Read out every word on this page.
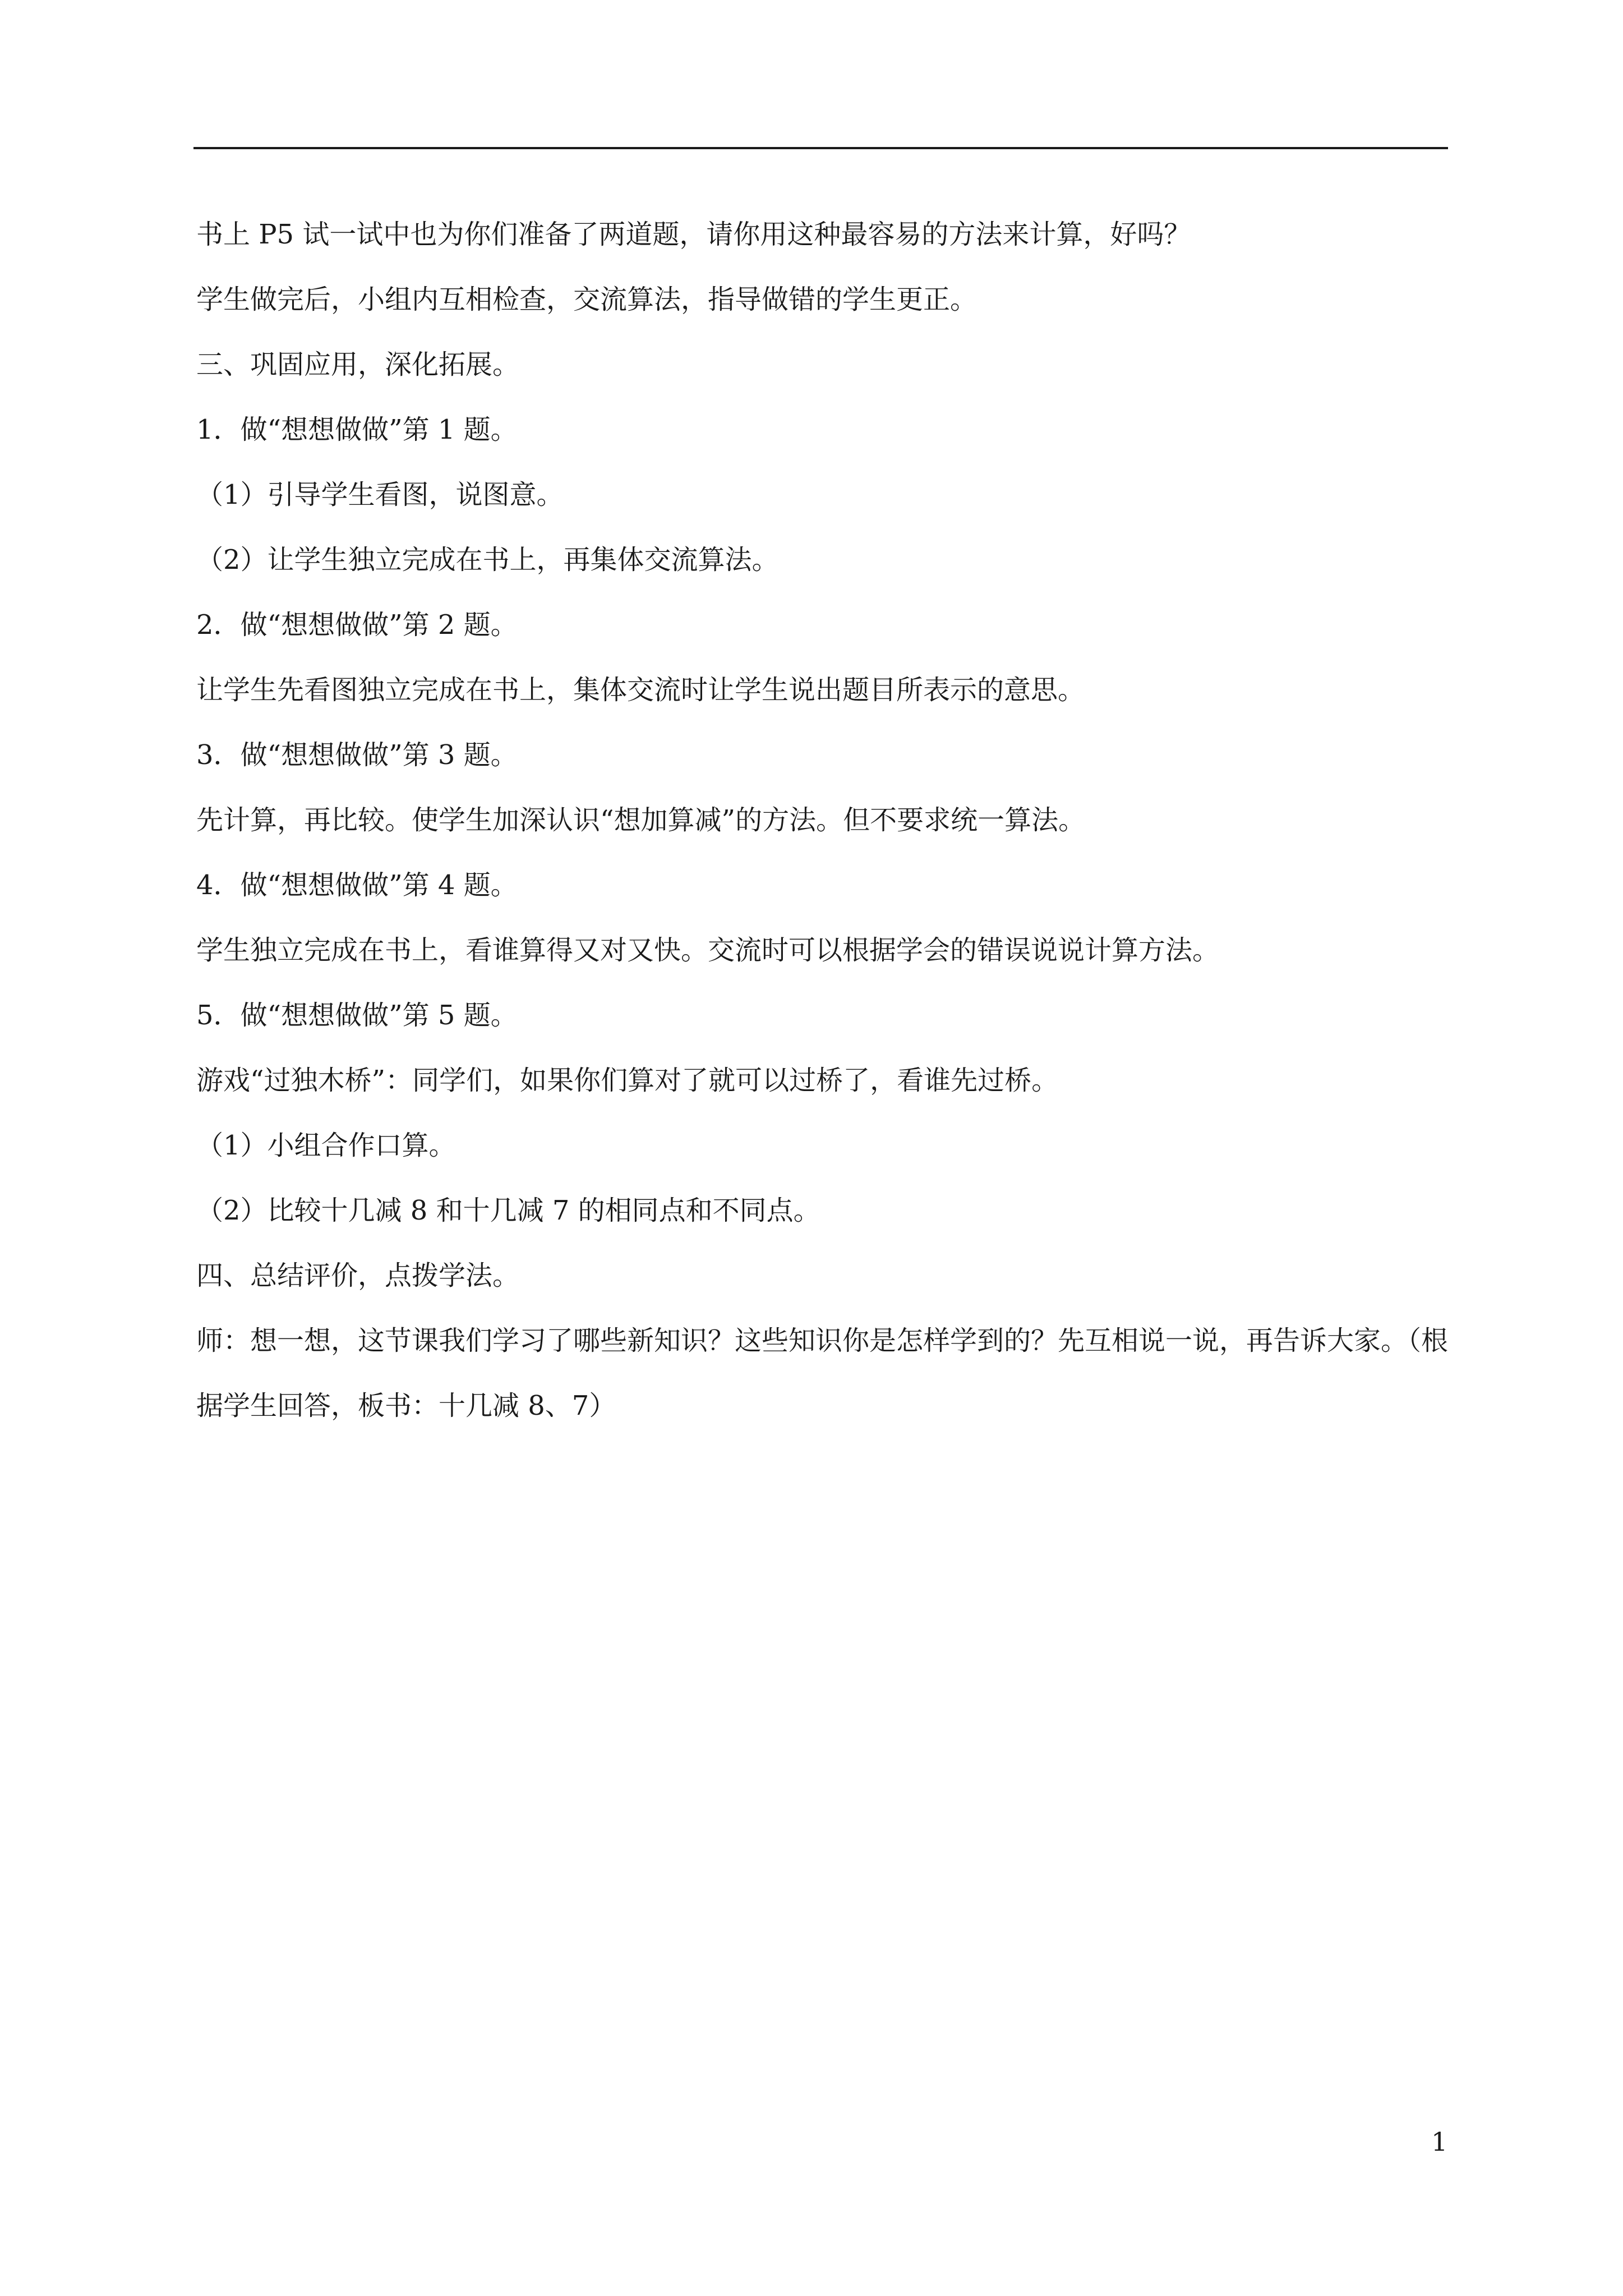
书上 P5 试一试中也为你们准备了两道题，请你用这种最容易的方法来计算，好吗？

学生做完后，小组内互相检查，交流算法，指导做错的学生更正。

三、巩固应用，深化拓展。

1．做“想想做做”第 1 题。

（1）引导学生看图，说图意。

（2）让学生独立完成在书上，再集体交流算法。

2．做“想想做做”第 2 题。

让学生先看图独立完成在书上，集体交流时让学生说出题目所表示的意思。

3．做“想想做做”第 3 题。

先计算，再比较。使学生加深认识“想加算减”的方法。但不要求统一算法。

4．做“想想做做”第 4 题。

学生独立完成在书上，看谁算得又对又快。交流时可以根据学会的错误说说计算方法。

5．做“想想做做”第 5 题。

游戏“过独木桥”：同学们，如果你们算对了就可以过桥了，看谁先过桥。

（1）小组合作口算。

（2）比较十几减 8 和十几减 7 的相同点和不同点。

四、总结评价，点拨学法。

师：想一想，这节课我们学习了哪些新知识？这些知识你是怎样学到的？先互相说一说，再告诉大家。（根据学生回答，板书：十几减 8、7）

1
